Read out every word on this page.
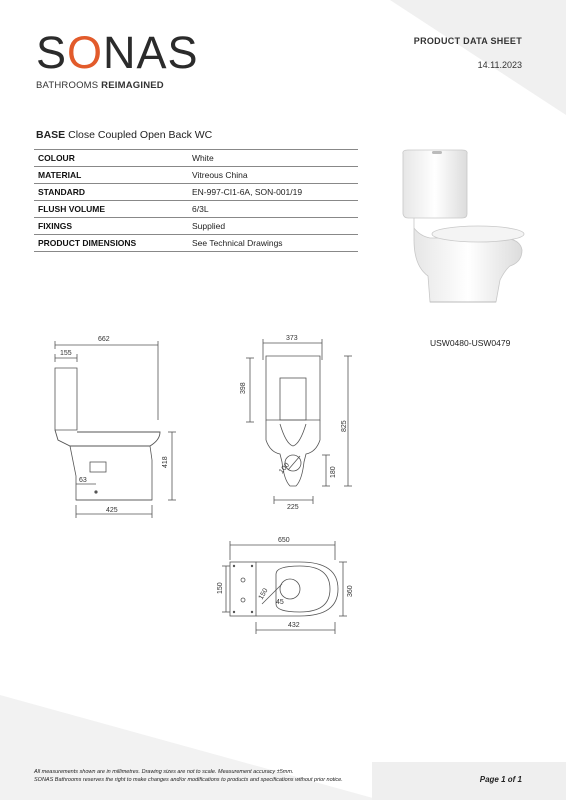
SONAS
BATHROOMS REIMAGINED
PRODUCT DATA SHEET
14.11.2023
BASE Close Coupled Open Back WC
COLOUR	White
MATERIAL	Vitreous China
STANDARD	EN-997-CI1-6A, SON-001/19
FLUSH VOLUME	6/3L
FIXINGS	Supplied
PRODUCT DIMENSIONS	See Technical Drawings
USW0480-USW0479
662
155
418
63
425
373
398
825
180
225
100
650
360
150	150
432
45
All measurements shown are in millimetres. Drawing sizes are not to scale. Measurement accuracy ±5mm.
SONAS Bathrooms reserves the right to make changes and/or modifications to products and specifications without prior notice.	Page 1 of 1
